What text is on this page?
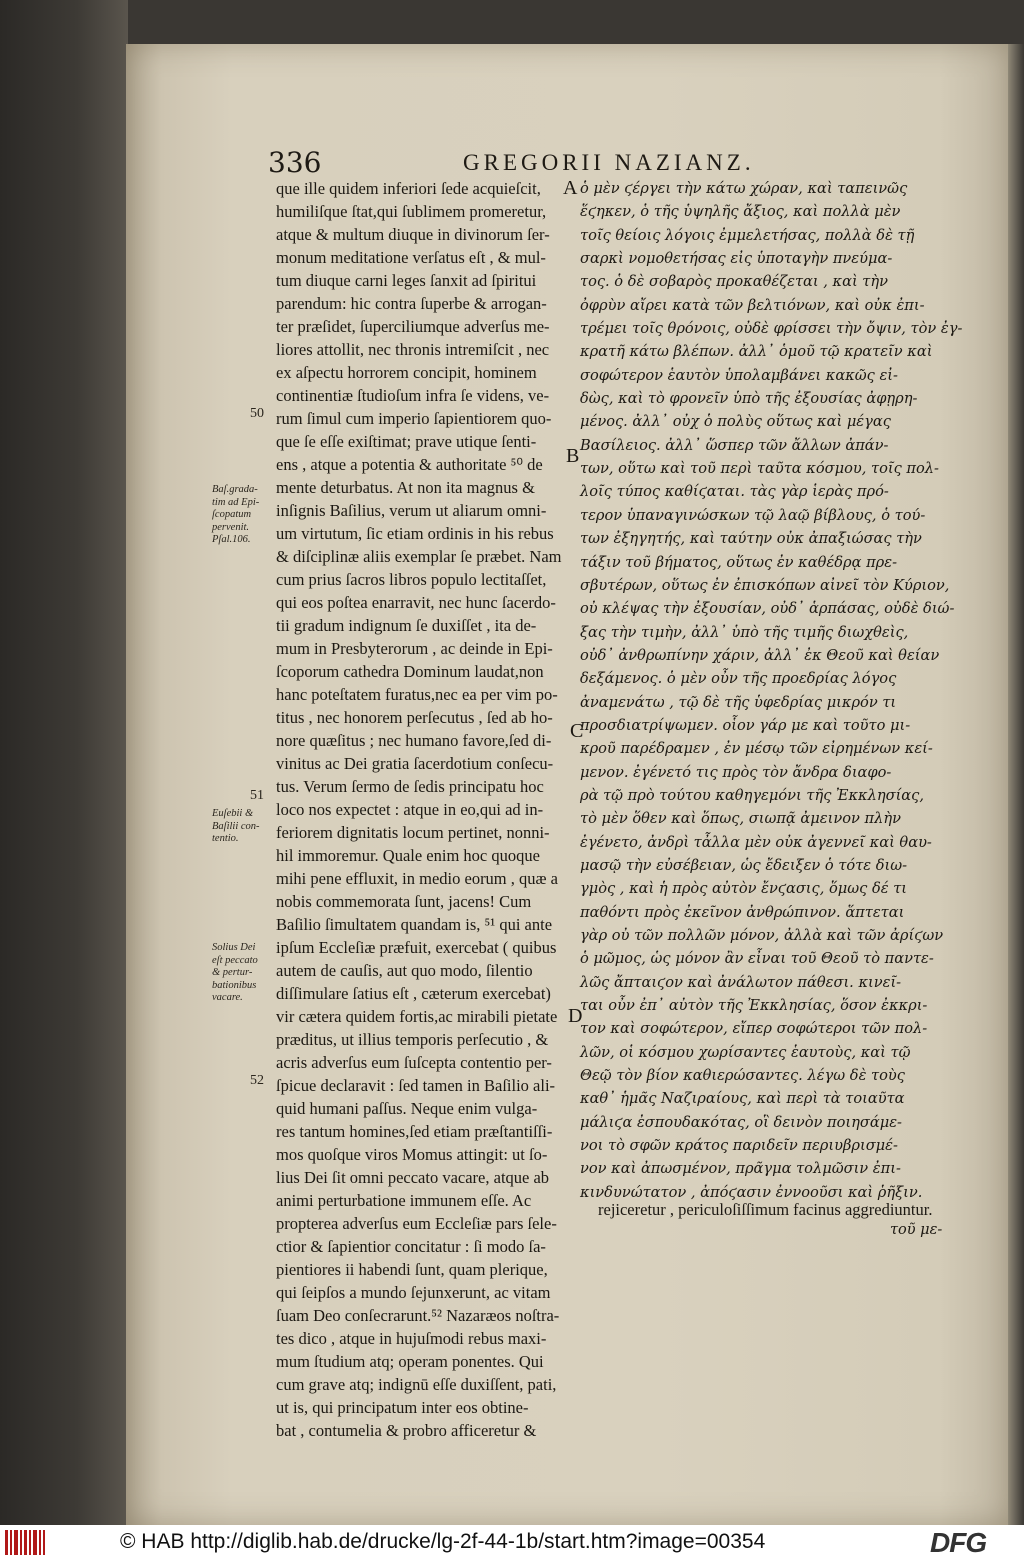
336	GREGORII NAZIANZ.
que ille quidem inferiori ſede acquieſcit,
humiliſque ſtat,qui ſublimem promeretur,
atque & multum diuque in divinorum ſer-
monum meditatione verſatus eſt , & mul-
tum diuque carni leges ſanxit ad ſpiritui
parendum: hic contra ſuperbe & arrogan-
ter præſidet, ſuperciliumque adverſus me-
liores attollit, nec thronis intremiſcit , nec
ex aſpectu horrorem concipit, hominem
continentiæ ſtudioſum infra ſe videns, ve-
rum ſimul cum imperio ſapientiorem quo-
que ſe eſſe exiſtimat; prave utique ſenti-
ens , atque a potentia & authoritate ⁵⁰ de
mente deturbatus. At non ita magnus &
inſignis Baſilius, verum ut aliarum omni-
um virtutum, ſic etiam ordinis in his rebus
& diſciplinæ aliis exemplar ſe præbet. Nam
cum prius ſacros libros populo lectitaſſet,
qui eos poſtea enarravit, nec hunc ſacerdo-
tii gradum indignum ſe duxiſſet , ita de-
mum in Presbyterorum , ac deinde in Epi-
ſcoporum cathedra Dominum laudat,non
hanc poteſtatem furatus,nec ea per vim po-
titus , nec honorem perſecutus , ſed ab ho-
nore quæſitus ; nec humano favore,ſed di-
vinitus ac Dei gratia ſacerdotium conſecu-
tus. Verum ſermo de ſedis principatu hoc
loco nos expectet : atque in eo,qui ad in-
feriorem dignitatis locum pertinet, nonni-
hil immoremur. Quale enim hoc quoque
mihi pene effluxit, in medio eorum , quæ a
nobis commemorata ſunt, jacens! Cum
Baſilio ſimultatem quandam is, ⁵¹ qui ante
ipſum Eccleſiæ præfuit, exercebat ( quibus
autem de cauſis, aut quo modo, ſilentio
diſſimulare ſatius eſt , cæterum exercebat)
vir cætera quidem fortis,ac mirabili pietate
præditus, ut illius temporis perſecutio , &
acris adverſus eum ſuſcepta contentio per-
ſpicue declaravit : ſed tamen in Baſilio ali-
quid humani paſſus. Neque enim vulga-
res tantum homines,ſed etiam præſtantiſſi-
mos quoſque viros Momus attingit: ut ſo-
lius Dei ſit omni peccato vacare, atque ab
animi perturbatione immunem eſſe. Ac
propterea adverſus eum Eccleſiæ pars ſele-
ctior & ſapientior concitatur : ſi modo ſa-
pientiores ii habendi ſunt, quam plerique,
qui ſeipſos a mundo ſejunxerunt, ac vitam
ſuam Deo conſecrarunt.⁵² Nazaræos noſtra-
tes dico , atque in hujuſmodi rebus maxi-
mum ſtudium atq; operam ponentes. Qui
cum grave atq; indignū eſſe duxiſſent, pati,
ut is, qui principatum inter eos obtine-
bat , contumelia & probro afficeretur &
ὁ μὲν ϛέργει τὴν κάτω χώραν, καὶ ταπεινῶς
ἕϛηκεν, ὁ τῆς ὑψηλῆς ἄξιος, καὶ πολλὰ μὲν
τοῖς θείοις λόγοις ἐμμελετήσας, πολλὰ δὲ τῇ
σαρκὶ νομοθετήσας εἰς ὑποταγὴν πνεύμα-
τος. ὁ δὲ σοβαρὸς προκαθέζεται , καὶ τὴν
ὀφρὺν αἴρει κατὰ τῶν βελτιόνων, καὶ οὐκ ἐπι-
τρέμει τοῖς θρόνοις, οὐδὲ φρίσσει τὴν ὄψιν, τὸν ἐγ-
κρατῆ κάτω βλέπων. ἀλλ᾿ ὁμοῦ τῷ κρατεῖν καὶ
σοφώτερον ἑαυτὸν ὑπολαμβάνει κακῶς εἰ-
δὼς, καὶ τὸ φρονεῖν ὑπὸ τῆς ἐξουσίας ἀφῃρη-
μένος. ἀλλ᾿ οὐχ ὁ πολὺς οὕτως καὶ μέγας
Βασίλειος. ἀλλ᾿ ὥσπερ τῶν ἄλλων ἀπάν-
των, οὕτω καὶ τοῦ περὶ ταῦτα κόσμου, τοῖς πολ-
λοῖς τύπος καθίϛαται. τὰς γὰρ ἱερὰς πρό-
τερον ὑπαναγινώσκων τῷ λαῷ βίβλους, ὁ τού-
των ἐξηγητής, καὶ ταύτην οὐκ ἀπαξιώσας τὴν
τάξιν τοῦ βήματος, οὕτως ἐν καθέδρᾳ πρε-
σβυτέρων, οὕτως ἐν ἐπισκόπων αἰνεῖ τὸν Κύριον,
οὐ κλέψας τὴν ἐξουσίαν, οὐδ᾿ ἁρπάσας, οὐδὲ διώ-
ξας τὴν τιμὴν, ἀλλ᾿ ὑπὸ τῆς τιμῆς διωχθεὶς,
οὐδ᾿ ἀνθρωπίνην χάριν, ἀλλ᾿ ἐκ Θεοῦ καὶ θείαν
δεξάμενος. ὁ μὲν οὖν τῆς προεδρίας λόγος
ἀναμενάτω , τῷ δὲ τῆς ὑφεδρίας μικρόν τι
προσδιατρίψωμεν. οἷον γάρ με καὶ τοῦτο μι-
κροῦ παρέδραμεν , ἐν μέσῳ τῶν εἰρημένων κεί-
μενον. ἐγένετό τις πρὸς τὸν ἄνδρα διαφο-
ρὰ τῷ πρὸ τούτου καθηγεμόνι τῆς Ἐκκλησίας,
τὸ μὲν ὅθεν καὶ ὅπως, σιωπᾷ ἀμεινον πλὴν
ἐγένετο, ἀνδρὶ τἆλλα μὲν οὐκ ἀγεννεῖ καὶ θαυ-
μασῷ τὴν εὐσέβειαν, ὡς ἔδειξεν ὁ τότε διω-
γμὸς , καὶ ἡ πρὸς αὐτὸν ἔνϛασις, ὅμως δέ τι
παθόντι πρὸς ἐκεῖνον ἀνθρώπινον. ἅπτεται
γὰρ οὐ τῶν πολλῶν μόνον, ἀλλὰ καὶ τῶν ἀρίϛων
ὁ μῶμος, ὡς μόνον ἂν εἶναι τοῦ Θεοῦ τὸ παντε-
λῶς ἄπταιϛον καὶ ἀνάλωτον πάθεσι. κινεῖ-
ται οὖν ἐπ᾿ αὐτὸν τῆς Ἐκκλησίας, ὅσον ἐκκρι-
τον καὶ σοφώτερον, εἴπερ σοφώτεροι τῶν πολ-
λῶν, οἱ κόσμου χωρίσαντες ἑαυτοὺς, καὶ τῷ
Θεῷ τὸν βίον καθιερώσαντες. λέγω δὲ τοὺς
καθ᾿ ἡμᾶς Ναζιραίους, καὶ περὶ τὰ τοιαῦτα
μάλιϛα ἐσπουδακότας, οἳ δεινὸν ποιησάμε-
νοι τὸ σφῶν κράτος παριδεῖν περιυβρισμέ-
νον καὶ ἀπωσμένον, πρᾶγμα τολμῶσιν ἐπι-
κινδυνώτατον , ἀπόϛασιν ἐννοοῦσι καὶ ῥῆξιν.
rejiceretur , periculoſiſſimum facinus aggrediuntur.
τοῦ με-
A
B
C
D
50
51
52
Baſ.grada-
tim ad Epi-
ſcopatum
pervenit.
Pſal.106.
Euſebii &
Baſilii con-
tentio.
Solius Dei
eſt peccato
& pertur-
bationibus
vacare.
© HAB http://diglib.hab.de/drucke/lg-2f-44-1b/start.htm?image=00354	DFG
